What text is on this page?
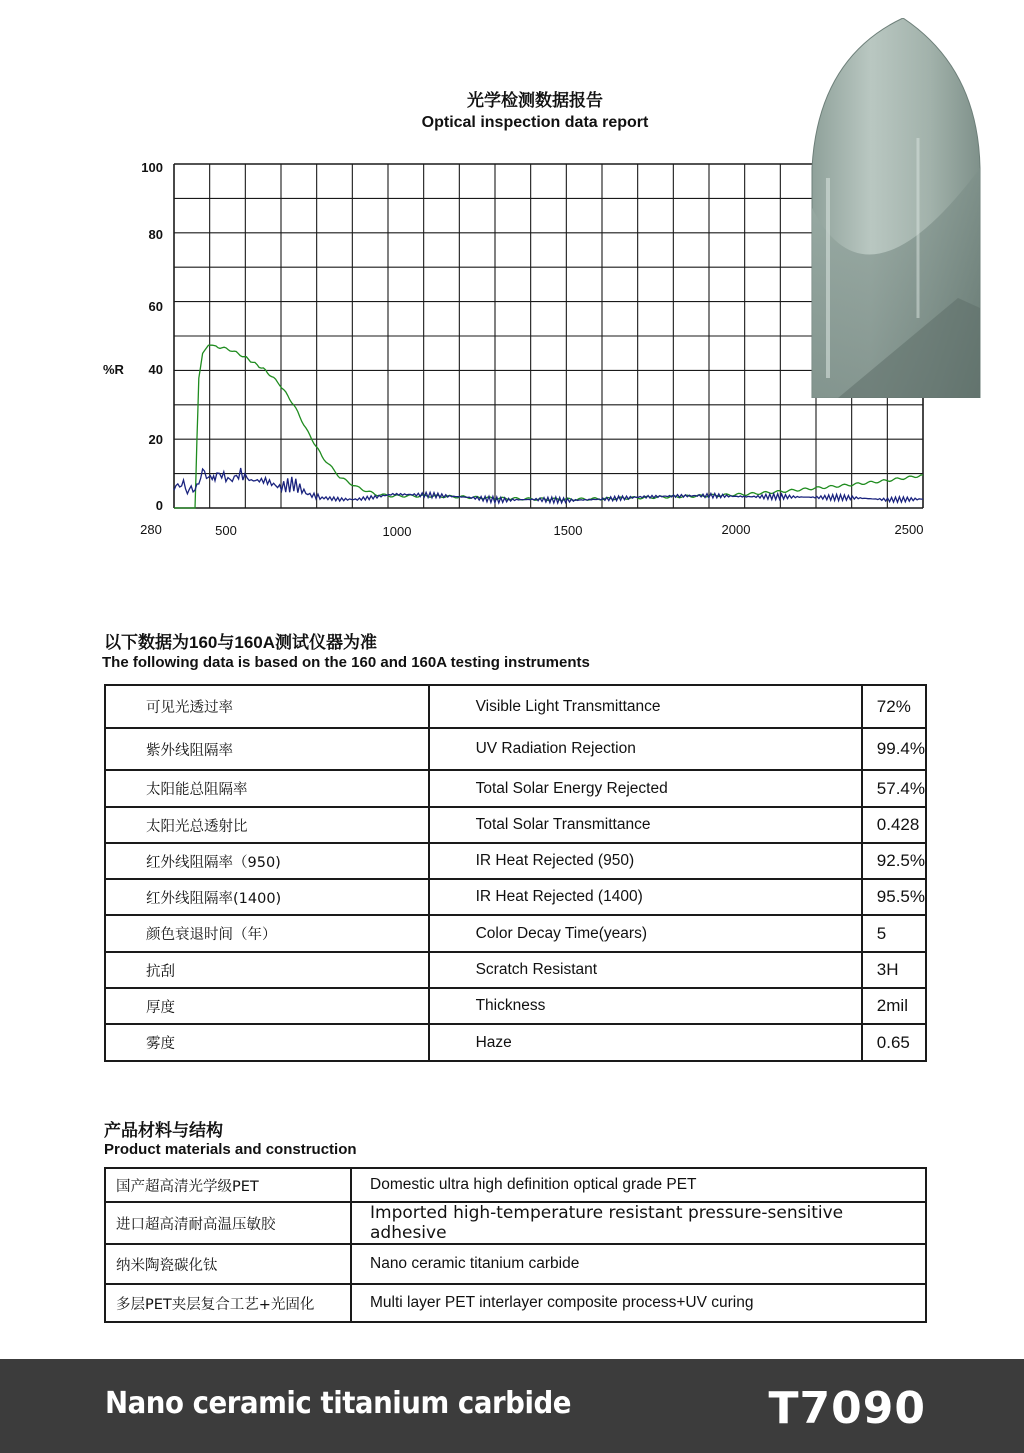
光学检测数据报告
Optical inspection data report
100
80
60
40
20
0
%R
280	500	1000	1500	2000	2500
以下数据为160与160A测试仪器为准
The following data is based on the 160 and 160A testing instruments
可见光透过率	Visible Light Transmittance	72%
紫外线阻隔率	UV Radiation Rejection	99.4%
太阳能总阻隔率	Total Solar Energy Rejected	57.4%
太阳光总透射比	Total Solar Transmittance	0.428
红外线阻隔率（950)	IR Heat Rejected (950)	92.5%
红外线阻隔率(1400)	IR Heat Rejected (1400)	95.5%
颜色衰退时间（年）	Color Decay Time(years)	5
抗刮	Scratch Resistant	3H
厚度	Thickness	2mil
雾度	Haze	0.65
产品材料与结构
Product materials and construction
国产超高清光学级PET	Domestic ultra high definition optical grade PET
进口超高清耐高温压敏胶	Imported high-temperature resistant pressure-sensitive adhesive
纳米陶瓷碳化钛	Nano ceramic titanium carbide
多层PET夹层复合工艺+光固化	Multi layer PET interlayer composite process+UV curing
Nano ceramic titanium carbide	T7090
